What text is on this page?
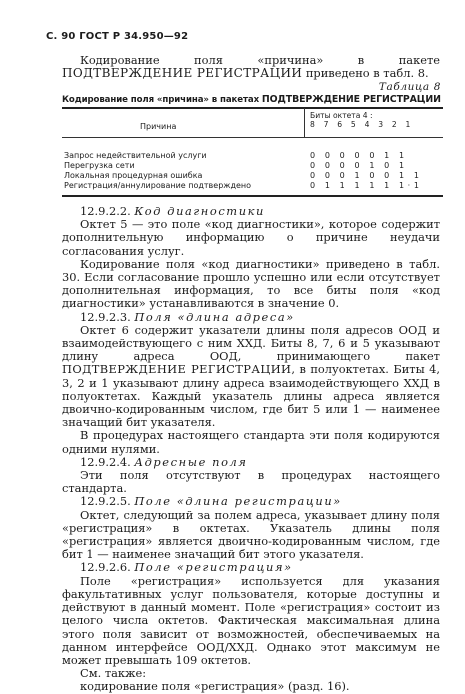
С. 90 ГОСТ Р 34.950—92

Кодирование поля «причина» в пакете ПОДТВЕРЖДЕНИЕ РЕГИСТРАЦИИ приведено в табл. 8.

Таблица 8
Кодирование поля «причина» в пакетах ПОДТВЕРЖДЕНИЕ РЕГИСТРАЦИИ
Причина
Биты октета 4 :
8 7 6 5 4 3 2 1
Запрос недействительной услуги	0 0 0 0 0 1 1
Перегрузка сети	0 0 0 0 1 0 1
Локальная процедурная ошибка	0 0 0 1 0 0 1 1
Регистрация/аннулирование подтверждено	0 1 1 1 1 1 1·1

12.9.2.2. Код диагностики

Октет 5 — это поле «код диагностики», которое содержит дополнительную информацию о причине неудачи согласования услуг.

Кодирование поля «код диагностики» приведено в табл. 30. Если согласование прошло успешно или если отсутствует дополнительная информация, то все биты поля «код диагностики» устанавливаются в значение 0.

12.9.2.3. Поля «длина адреса»

Октет 6 содержит указатели длины поля адресов ООД и взаимодействующего с ним ХХД. Биты 8, 7, 6 и 5 указывают длину адреса ООД, принимающего пакет ПОДТВЕРЖДЕНИЕ РЕГИСТРАЦИИ, в полуоктетах. Биты 4, 3, 2 и 1 указывают длину адреса взаимодействующего ХХД в полуоктетах. Каждый указатель длины адреса является двоично-кодированным числом, где бит 5 или 1 — наименее значащий бит указателя.

В процедурах настоящего стандарта эти поля кодируются одними нулями.

12.9.2.4. Адресные поля

Эти поля отсутствуют в процедурах настоящего стандарта.

12.9.2.5. Поле «длина регистрации»

Октет, следующий за полем адреса, указывает длину поля «регистрация» в октетах. Указатель длины поля «регистрация» является двоично-кодированным числом, где бит 1 — наименее значащий бит этого указателя.

12.9.2.6. Поле «регистрация»

Поле «регистрация» используется для указания факультативных услуг пользователя, которые доступны и действуют в данный момент. Поле «регистрация» состоит из целого числа октетов. Фактическая максимальная длина этого поля зависит от возможностей, обеспечиваемых на данном интерфейсе ООД/ХХД. Однако этот максимум не может превышать 109 октетов.

См. также:

кодирование поля «регистрация» (разд. 16).
